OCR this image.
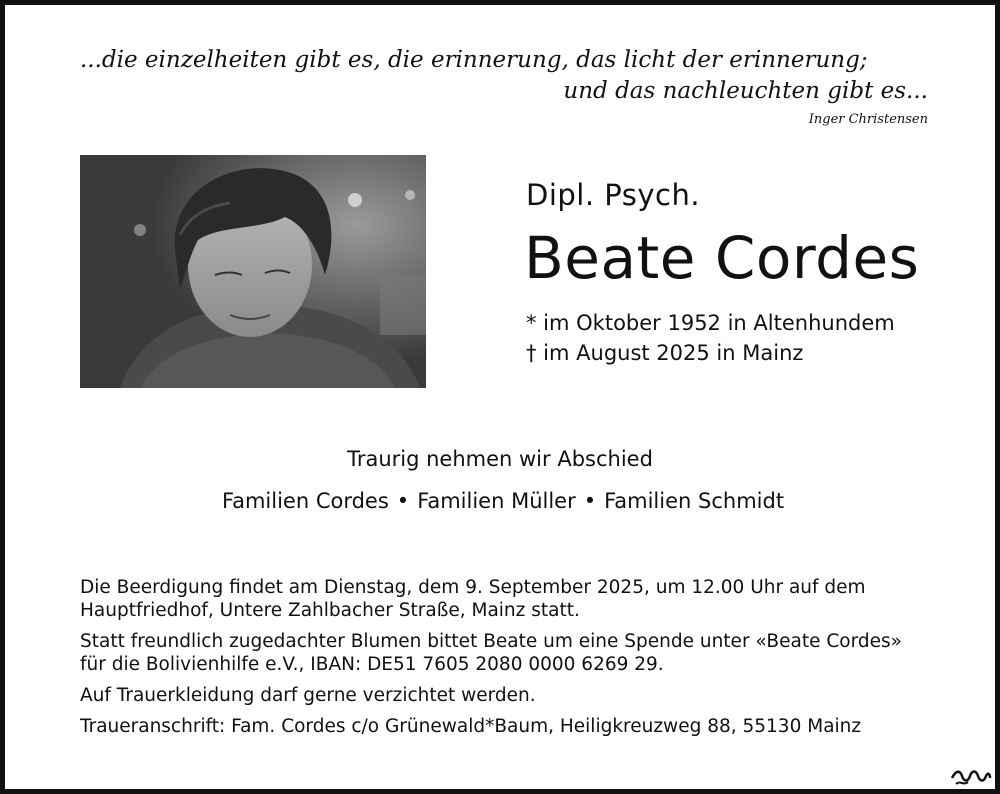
...die einzelheiten gibt es, die erinnerung, das licht der erinnerung;
und das nachleuchten gibt es...
Inger Christensen
Dipl. Psych.
Beate Cordes
* im Oktober 1952 in Altenhundem
† im August 2025 in Mainz
Traurig nehmen wir Abschied
Familien Cordes • Familien Müller • Familien Schmidt

Die Beerdigung findet am Dienstag, dem 9. September 2025, um 12.00 Uhr auf dem
Hauptfriedhof, Untere Zahlbacher Straße, Mainz statt.

Statt freundlich zugedachter Blumen bittet Beate um eine Spende unter «Beate Cordes»
für die Bolivienhilfe e.V., IBAN: DE51 7605 2080 0000 6269 29.

Auf Trauerkleidung darf gerne verzichtet werden.

Traueranschrift: Fam. Cordes c/o Grünewald*Baum, Heiligkreuzweg 88, 55130 Mainz
